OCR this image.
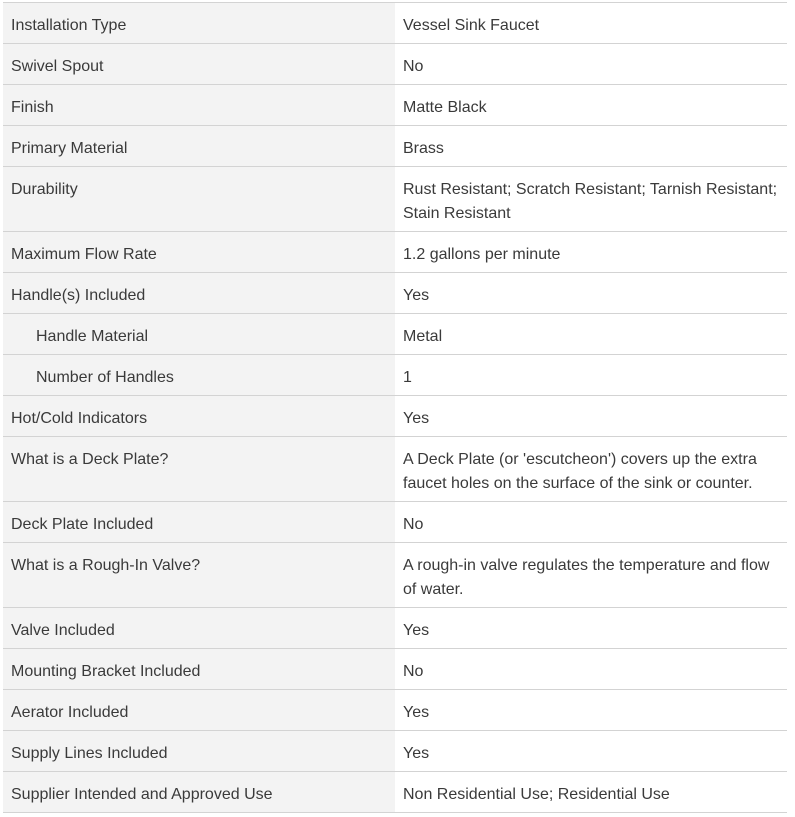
Installation Type	Vessel Sink Faucet
Swivel Spout	No
Finish	Matte Black
Primary Material	Brass
Durability	Rust Resistant; Scratch Resistant; Tarnish Resistant; Stain Resistant
Maximum Flow Rate	1.2 gallons per minute
Handle(s) Included	Yes
Handle Material	Metal
Number of Handles	1
Hot/Cold Indicators	Yes
What is a Deck Plate?	A Deck Plate (or 'escutcheon') covers up the extra faucet holes on the surface of the sink or counter.
Deck Plate Included	No
What is a Rough-In Valve?	A rough-in valve regulates the temperature and flow of water.
Valve Included	Yes
Mounting Bracket Included	No
Aerator Included	Yes
Supply Lines Included	Yes
Supplier Intended and Approved Use	Non Residential Use; Residential Use
